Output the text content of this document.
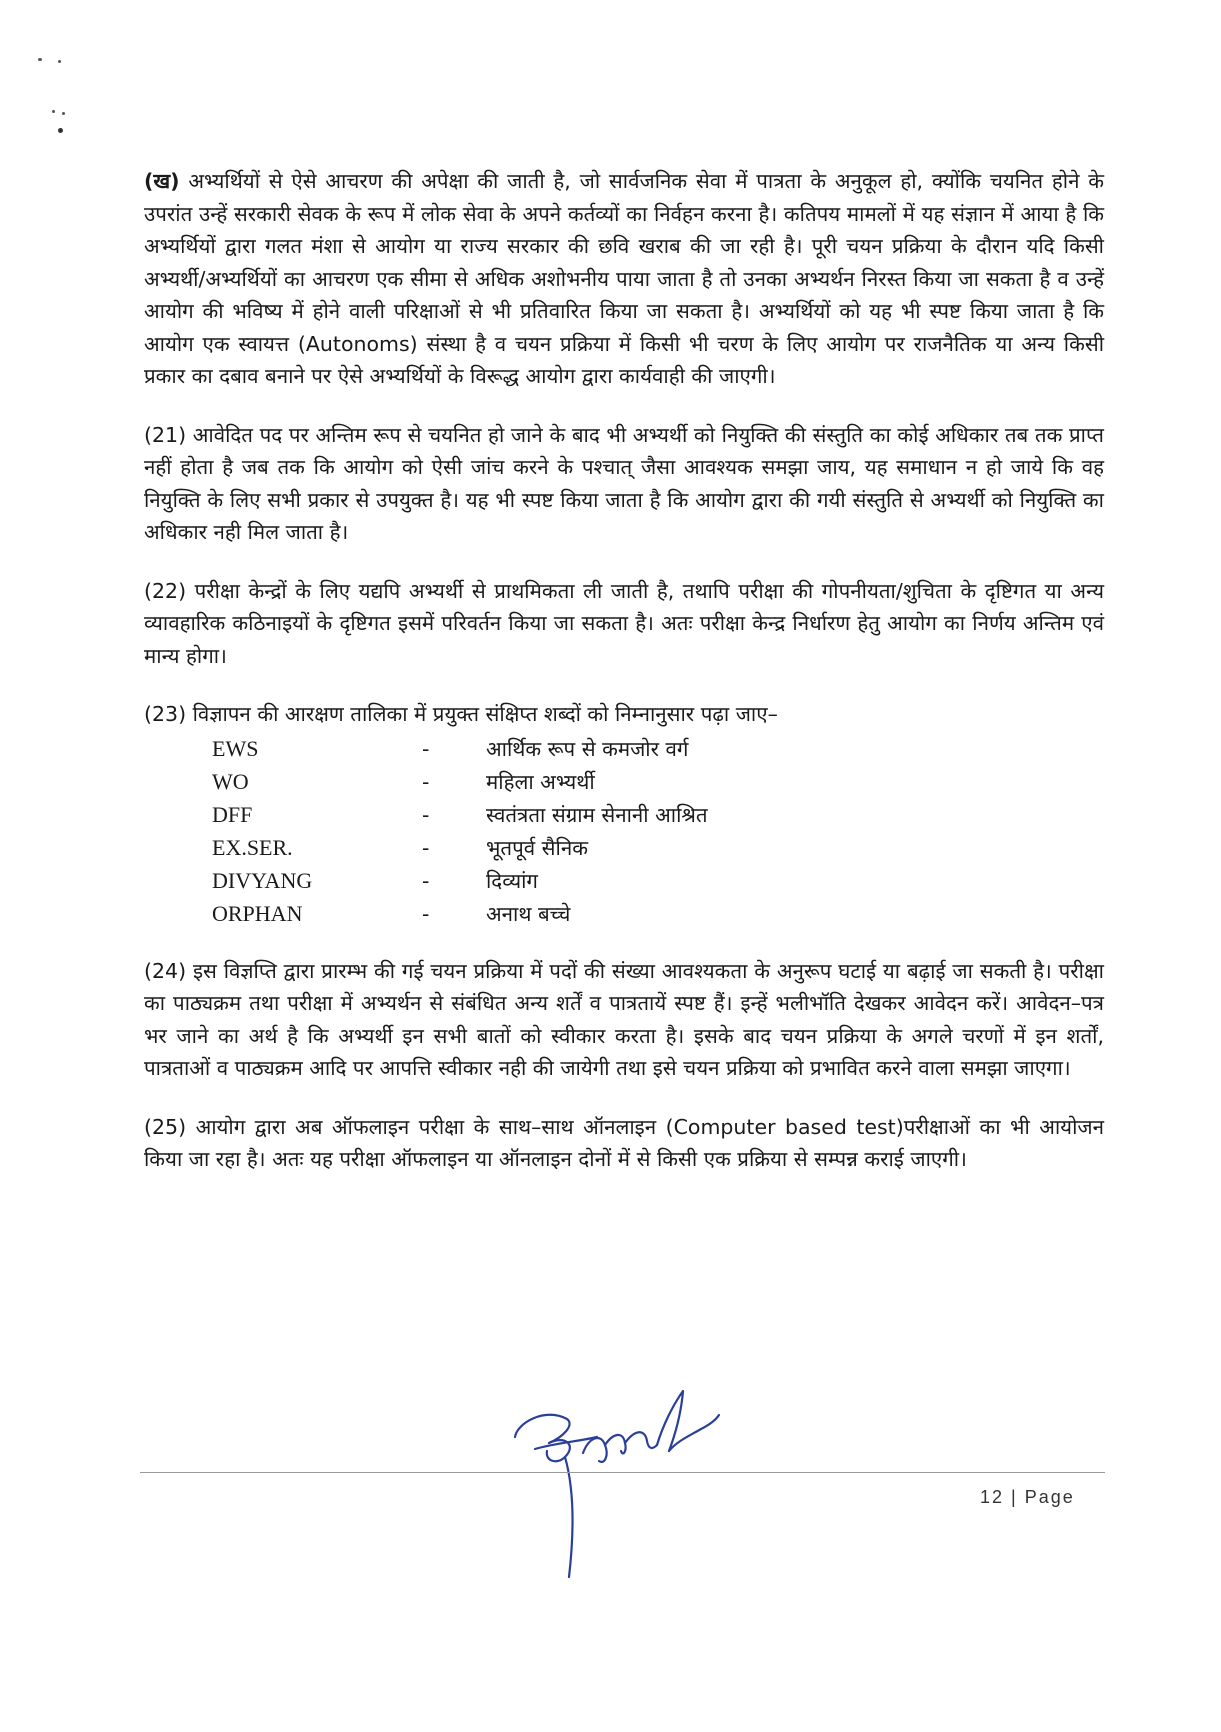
(ख) अभ्यर्थियों से ऐसे आचरण की अपेक्षा की जाती है, जो सार्वजनिक सेवा में पात्रता के अनुकूल हो, क्योंकि चयनित होने के उपरांत उन्हें सरकारी सेवक के रूप में लोक सेवा के अपने कर्तव्यों का निर्वहन करना है। कतिपय मामलों में यह संज्ञान में आया है कि अभ्यर्थियों द्वारा गलत मंशा से आयोग या राज्य सरकार की छवि खराब की जा रही है। पूरी चयन प्रक्रिया के दौरान यदि किसी अभ्यर्थी/अभ्यर्थियों का आचरण एक सीमा से अधिक अशोभनीय पाया जाता है तो उनका अभ्यर्थन निरस्त किया जा सकता है व उन्हें आयोग की भविष्य में होने वाली परिक्षाओं से भी प्रतिवारित किया जा सकता है। अभ्यर्थियों को यह भी स्पष्ट किया जाता है कि आयोग एक स्वायत्त (Autonoms) संस्था है व चयन प्रक्रिया में किसी भी चरण के लिए आयोग पर राजनैतिक या अन्य किसी प्रकार का दबाव बनाने पर ऐसे अभ्यर्थियों के विरूद्ध आयोग द्वारा कार्यवाही की जाएगी।

(21) आवेदित पद पर अन्तिम रूप से चयनित हो जाने के बाद भी अभ्यर्थी को नियुक्ति की संस्तुति का कोई अधिकार तब तक प्राप्त नहीं होता है जब तक कि आयोग को ऐसी जांच करने के पश्चात् जैसा आवश्यक समझा जाय, यह समाधान न हो जाये कि वह नियुक्ति के लिए सभी प्रकार से उपयुक्त है। यह भी स्पष्ट किया जाता है कि आयोग द्वारा की गयी संस्तुति से अभ्यर्थी को नियुक्ति का अधिकार नही मिल जाता है।

(22) परीक्षा केन्द्रों के लिए यद्यपि अभ्यर्थी से प्राथमिकता ली जाती है, तथापि परीक्षा की गोपनीयता/शुचिता के दृष्टिगत या अन्य व्यावहारिक कठिनाइयों के दृष्टिगत इसमें परिवर्तन किया जा सकता है। अतः परीक्षा केन्द्र निर्धारण हेतु आयोग का निर्णय अन्तिम एवं मान्य होगा।

(23) विज्ञापन की आरक्षण तालिका में प्रयुक्त संक्षिप्त शब्दों को निम्नानुसार पढ़ा जाए–

EWS	-	आर्थिक रूप से कमजोर वर्ग
WO	-	महिला अभ्यर्थी
DFF	-	स्वतंत्रता संग्राम सेनानी आश्रित
EX.SER.	-	भूतपूर्व सैनिक
DIVYANG	-	दिव्यांग
ORPHAN	-	अनाथ बच्चे

(24) इस विज्ञप्ति द्वारा प्रारम्भ की गई चयन प्रक्रिया में पदों की संख्या आवश्यकता के अनुरूप घटाई या बढ़ाई जा सकती है। परीक्षा का पाठ्यक्रम तथा परीक्षा में अभ्यर्थन से संबंधित अन्य शर्तें व पात्रतायें स्पष्ट हैं। इन्हें भलीभॉति देखकर आवेदन करें। आवेदन–पत्र भर जाने का अर्थ है कि अभ्यर्थी इन सभी बातों को स्वीकार करता है। इसके बाद चयन प्रक्रिया के अगले चरणों में इन शर्तों, पात्रताओं व पाठ्यक्रम आदि पर आपत्ति स्वीकार नही की जायेगी तथा इसे चयन प्रक्रिया को प्रभावित करने वाला समझा जाएगा।

(25) आयोग द्वारा अब ऑफलाइन परीक्षा के साथ–साथ ऑनलाइन (Computer based test)परीक्षाओं का भी आयोजन किया जा रहा है। अतः यह परीक्षा ऑफलाइन या ऑनलाइन दोनों में से किसी एक प्रक्रिया से सम्पन्न कराई जाएगी।

12 | Page
